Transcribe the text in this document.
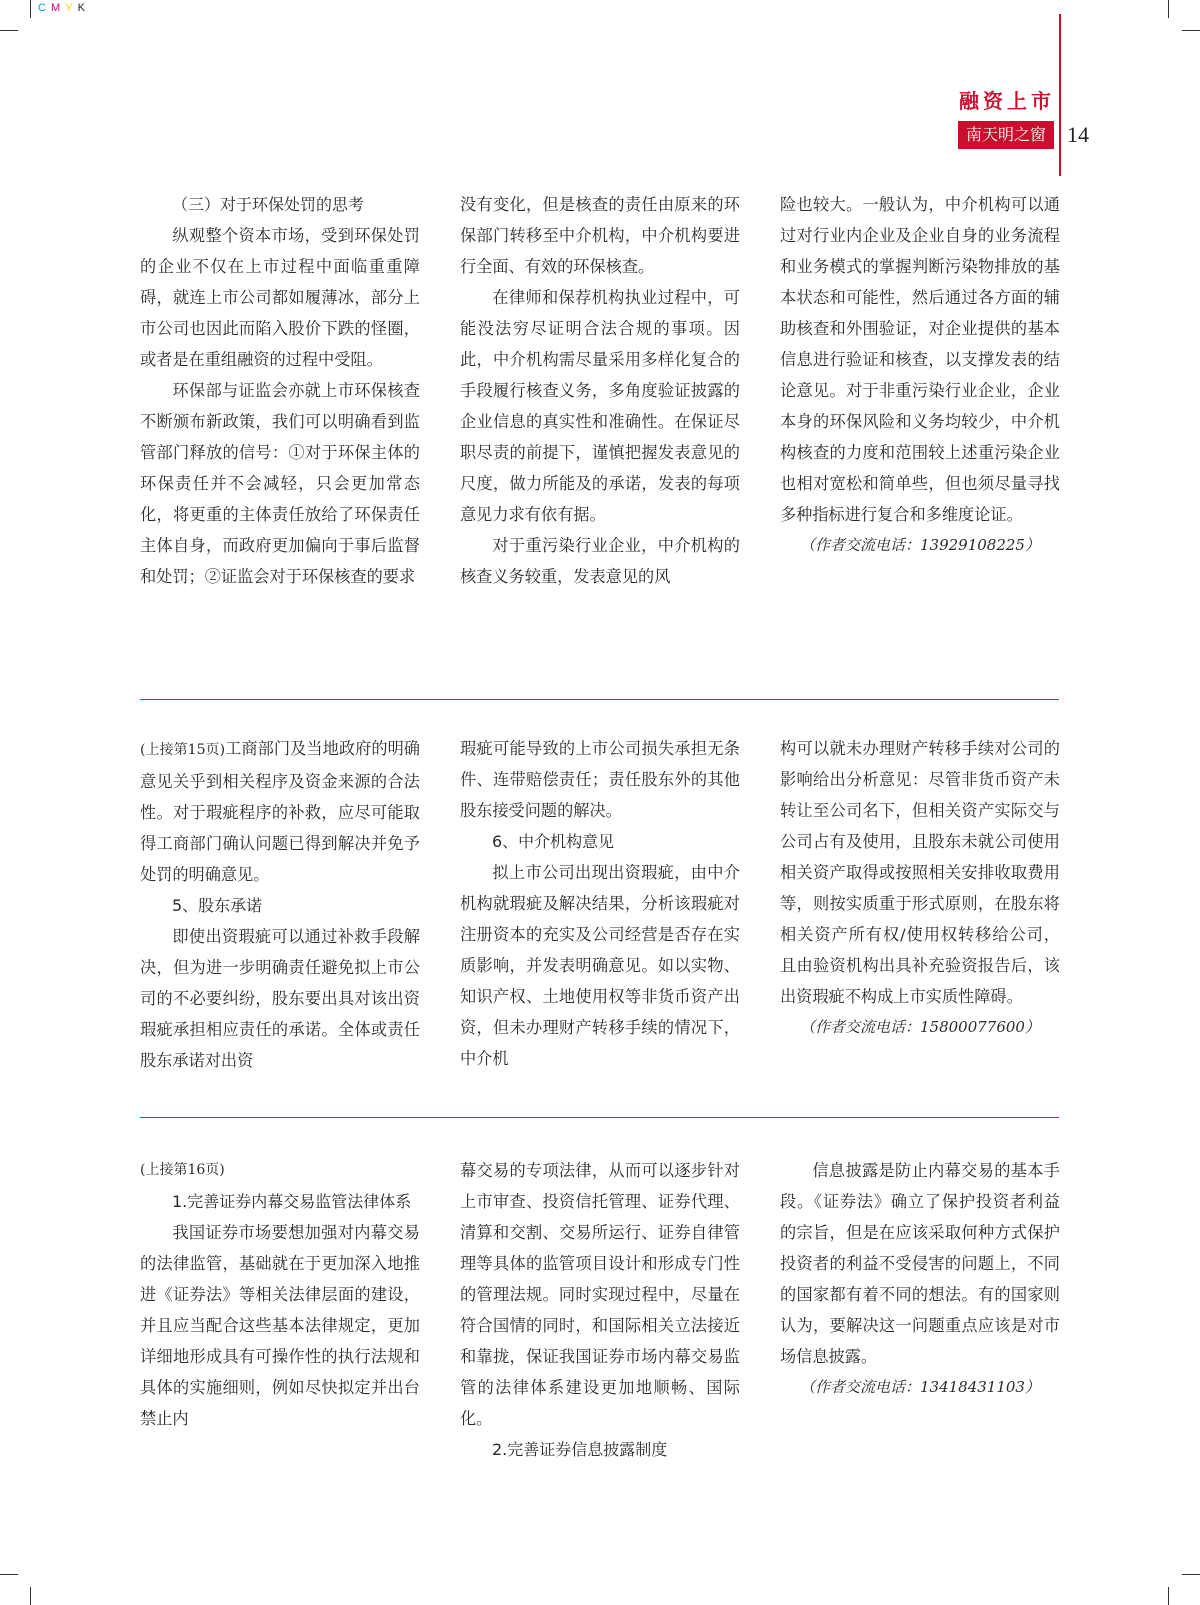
C M Y K
融资上市
南天明之窗 14

（三）对于环保处罚的思考

纵观整个资本市场，受到环保处罚的企业不仅在上市过程中面临重重障碍，就连上市公司都如履薄冰，部分上市公司也因此而陷入股价下跌的怪圈，或者是在重组融资的过程中受阻。

环保部与证监会亦就上市环保核查不断颁布新政策，我们可以明确看到监管部门释放的信号：①对于环保主体的环保责任并不会减轻，只会更加常态化，将更重的主体责任放给了环保责任主体自身，而政府更加偏向于事后监督和处罚；②证监会对于环保核查的要求

没有变化，但是核查的责任由原来的环保部门转移至中介机构，中介机构要进行全面、有效的环保核查。

在律师和保荐机构执业过程中，可能没法穷尽证明合法合规的事项。因此，中介机构需尽量采用多样化复合的手段履行核查义务，多角度验证披露的企业信息的真实性和准确性。在保证尽职尽责的前提下，谨慎把握发表意见的尺度，做力所能及的承诺，发表的每项意见力求有依有据。

对于重污染行业企业，中介机构的核查义务较重，发表意见的风

险也较大。一般认为，中介机构可以通过对行业内企业及企业自身的业务流程和业务模式的掌握判断污染物排放的基本状态和可能性，然后通过各方面的辅助核查和外围验证，对企业提供的基本信息进行验证和核查，以支撑发表的结论意见。对于非重污染行业企业，企业本身的环保风险和义务均较少，中介机构核查的力度和范围较上述重污染企业也相对宽松和简单些，但也须尽量寻找多种指标进行复合和多维度论证。

（作者交流电话：13929108225）

(上接第15页)工商部门及当地政府的明确意见关乎到相关程序及资金来源的合法性。对于瑕疵程序的补救，应尽可能取得工商部门确认问题已得到解决并免予处罚的明确意见。

5、股东承诺

即使出资瑕疵可以通过补救手段解决，但为进一步明确责任避免拟上市公司的不必要纠纷，股东要出具对该出资瑕疵承担相应责任的承诺。全体或责任股东承诺对出资

瑕疵可能导致的上市公司损失承担无条件、连带赔偿责任；责任股东外的其他股东接受问题的解决。

6、中介机构意见

拟上市公司出现出资瑕疵，由中介机构就瑕疵及解决结果，分析该瑕疵对注册资本的充实及公司经营是否存在实质影响，并发表明确意见。如以实物、知识产权、土地使用权等非货币资产出资，但未办理财产转移手续的情况下，中介机

构可以就未办理财产转移手续对公司的影响给出分析意见：尽管非货币资产未转让至公司名下，但相关资产实际交与公司占有及使用，且股东未就公司使用相关资产取得或按照相关安排收取费用等，则按实质重于形式原则，在股东将相关资产所有权/使用权转移给公司，且由验资机构出具补充验资报告后，该出资瑕疵不构成上市实质性障碍。

（作者交流电话：15800077600）

(上接第16页)

1.完善证券内幕交易监管法律体系

我国证券市场要想加强对内幕交易的法律监管，基础就在于更加深入地推进《证券法》等相关法律层面的建设，并且应当配合这些基本法律规定，更加详细地形成具有可操作性的执行法规和具体的实施细则，例如尽快拟定并出台禁止内

幕交易的专项法律，从而可以逐步针对上市审查、投资信托管理、证券代理、清算和交割、交易所运行、证券自律管理等具体的监管项目设计和形成专门性的管理法规。同时实现过程中，尽量在符合国情的同时，和国际相关立法接近和靠拢，保证我国证券市场内幕交易监管的法律体系建设更加地顺畅、国际化。

2.完善证券信息披露制度

信息披露是防止内幕交易的基本手段。《证券法》确立了保护投资者利益的宗旨，但是在应该采取何种方式保护投资者的利益不受侵害的问题上，不同的国家都有着不同的想法。有的国家则认为，要解决这一问题重点应该是对市场信息披露。

（作者交流电话：13418431103）
